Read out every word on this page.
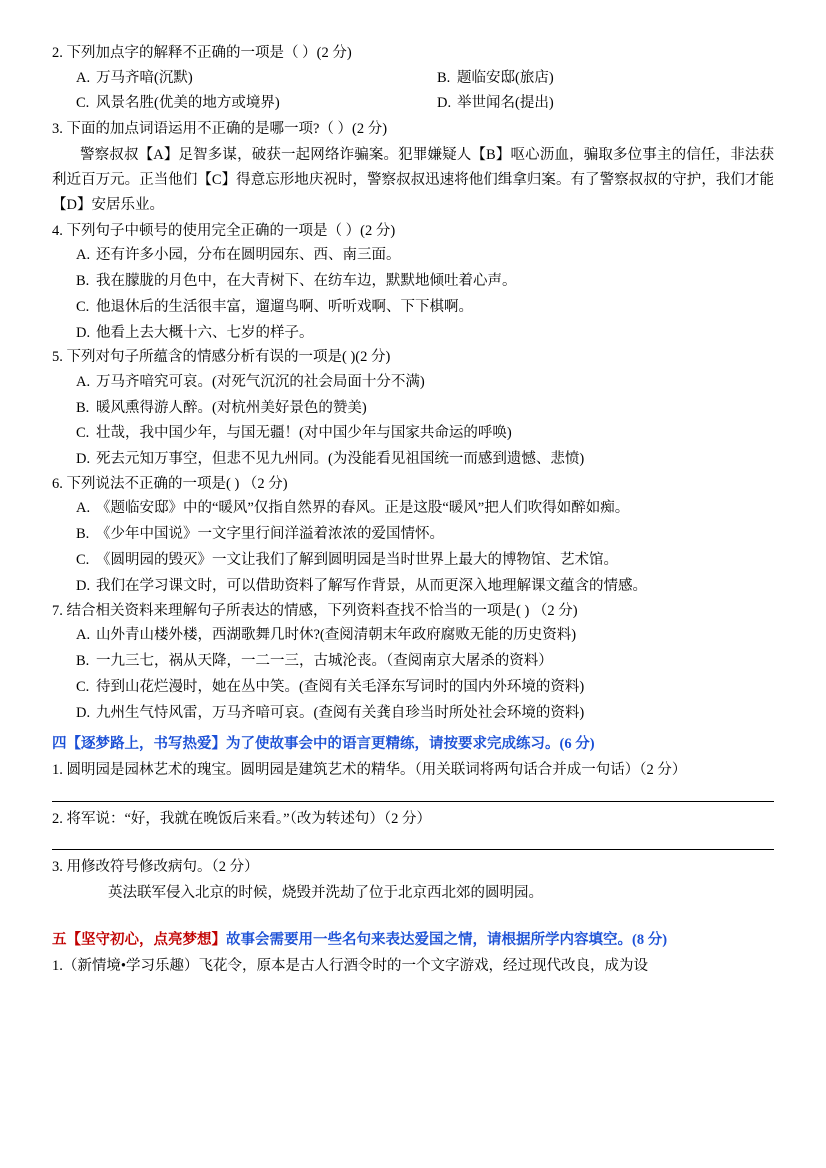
2. 下列加点字的解释不正确的一项是（ ）(2 分)

A. 万马齐喑(沉默)	B. 题临安邸(旅店)
C. 风景名胜(优美的地方或境界)	D. 举世闻名(提出)

3. 下面的加点词语运用不正确的是哪一项?（ ）(2 分)

警察叔叔【A】足智多谋，破获一起网络诈骗案。犯罪嫌疑人【B】呕心沥血，骗取多位事主的信任，非法获利近百万元。正当他们【C】得意忘形地庆祝时，警察叔叔迅速将他们缉拿归案。有了警察叔叔的守护，我们才能【D】安居乐业。

4. 下列句子中顿号的使用完全正确的一项是（ ）(2 分)

A. 还有许多小园，分布在圆明园东、西、南三面。
B. 我在朦胧的月色中，在大青树下、在纺车边，默默地倾吐着心声。
C. 他退休后的生活很丰富，遛遛鸟啊、听听戏啊、下下棋啊。
D. 他看上去大概十六、七岁的样子。

5. 下列对句子所蕴含的情感分析有误的一项是( )(2 分)

A. 万马齐喑究可哀。(对死气沉沉的社会局面十分不满)
B. 暖风熏得游人醉。(对杭州美好景色的赞美)
C. 壮哉，我中国少年，与国无疆！(对中国少年与国家共命运的呼唤)
D. 死去元知万事空，但悲不见九州同。(为没能看见祖国统一而感到遗憾、悲愤)

6. 下列说法不正确的一项是( ) （2 分)

A. 《题临安邸》中的“暖风”仅指自然界的春风。正是这股“暖风”把人们吹得如醉如痴。
B. 《少年中国说》一文字里行间洋溢着浓浓的爱国情怀。
C. 《圆明园的毁灭》一文让我们了解到圆明园是当时世界上最大的博物馆、艺术馆。
D. 我们在学习课文时，可以借助资料了解写作背景，从而更深入地理解课文蕴含的情感。

7. 结合相关资料来理解句子所表达的情感，下列资料查找不恰当的一项是( ) （2 分)

A. 山外青山楼外楼，西湖歌舞几时休?(查阅清朝末年政府腐败无能的历史资料)
B. 一九三七，祸从天降，一二一三，古城沦丧。（查阅南京大屠杀的资料）
C. 待到山花烂漫时，她在丛中笑。(查阅有关毛泽东写词时的国内外环境的资料)
D. 九州生气恃风雷，万马齐喑可哀。(查阅有关龚自珍当时所处社会环境的资料)

四【逐梦路上，书写热爱】为了使故事会中的语言更精练，请按要求完成练习。(6 分)

1. 圆明园是园林艺术的瑰宝。圆明园是建筑艺术的精华。（用关联词将两句话合并成一句话）（2 分）

2. 将军说：“好，我就在晚饭后来看。”（改为转述句）（2 分）

3. 用修改符号修改病句。（2 分）

英法联军侵入北京的时候，烧毁并洗劫了位于北京西北郊的圆明园。

五【坚守初心，点亮梦想】故事会需要用一些名句来表达爱国之情，请根据所学内容填空。(8 分)

1.（新情境•学习乐趣）飞花令，原本是古人行酒令时的一个文字游戏，经过现代改良，成为设
